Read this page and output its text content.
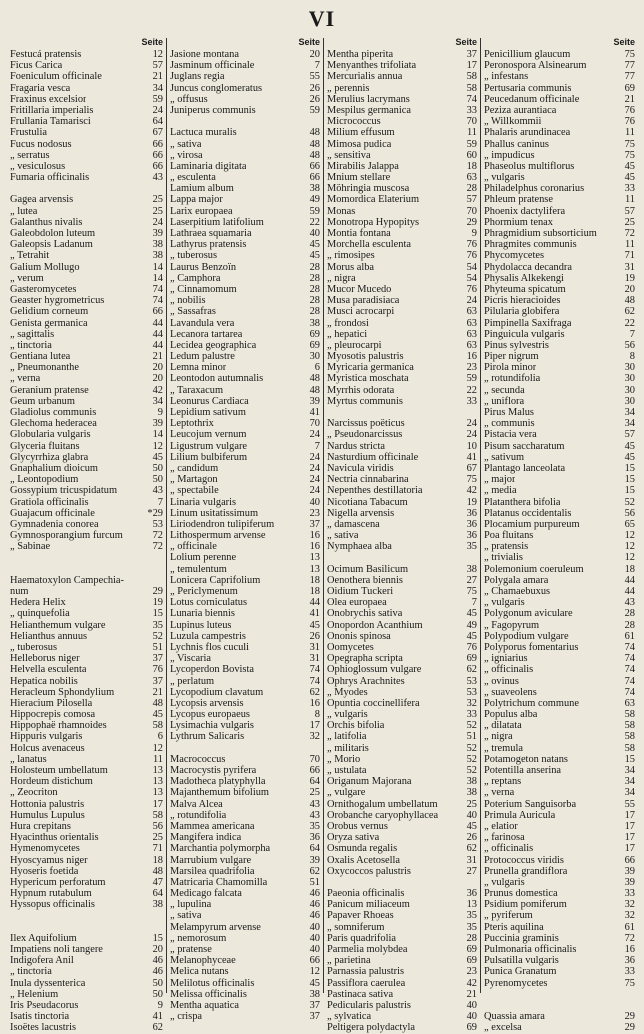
VI
Seite
Festucá pratensis	12
Ficus Carica	57
Foeniculum officinale	21
Fragaria vesca	34
Fraxinus excelsior	59
Fritillaria imperialis	24
Frullania Tamarisci	64
Frustulia	67
Fucus nodosus	66
„ serratus	66
„ vesiculosus	66
Fumaria officinalis	43
Gagea arvensis	25
„ lutea	25
Galanthus nivalis	24
Galeobdolon luteum	39
Galeopsis Ladanum	38
„ Tetrahit	38
Galium Mollugo	14
„ verum	14
Gasteromycetes	74
Geaster hygrometricus	74
Gelidium corneum	66
Genista germanica	44
„ sagittalis	44
„ tinctoria	44
Gentiana lutea	21
„ Pneumonanthe	20
„ verna	20
Geranium pratense	42
Geum urbanum	34
Gladiolus communis	9
Glechoma hederacea	39
Globularia vulgaris	14
Glyceria fluitans	12
Glycyrrhiza glabra	45
Gnaphalium dioicum	50
„ Leontopodium	50
Gossypium tricuspidatum	43
Gratiola officinalis	7
Guajacum officinale	*29
Gymnadenia conorea	53
Gymnosporangium furcum	72
„ Sabinae	72
Haematoxylon Campechia-
num	29
Hedera Helix	19
„ quinquefolia	15
Helianthemum vulgare	35
Helianthus annuus	52
„ tuberosus	51
Helleborus niger	37
Helvella esculenta	76
Hepatica nobilis	37
Heracleum Sphondylium	21
Hieracium Pilosella	48
Hippocrepis comosa	45
Hippophaë rhamnoides	58
Hippuris vulgaris	6
Holcus avenaceus	12
„ lanatus	11
Holosteum umbellatum	13
Hordeum distichum	13
„ Zeocriton	13
Hottonia palustris	17
Humulus Lupulus	58
Hura crepitans	56
Hyacinthus orientalis	25
Hymenomycetes	71
Hyoscyamus niger	18
Hyoseris foetida	48
Hypericum perforatum	47
Hypnum rutabulum	64
Hyssopus officinalis	38
Ilex Aquifolium	15
Impatiens noli tangere	20
Indigofera Anil	46
„ tinctoria	46
Inula dyssenterica	50
„ Helenium	50
Iris Pseudacorus	9
Isatis tinctoria	41
Isoëtes lacustris	62
Seite
Jasione montana	20
Jasminum officinale	7
Juglans regia	55
Juncus conglomeratus	26
„ offusus	26
Juniperus communis	59
Lactuca muralis	48
„ sativa	48
„ virosa	48
Laminaria digitata	66
„ esculenta	66
Lamium album	38
Lappa major	49
Larix europaea	59
Laserpitium latifolium	22
Lathraea squamaria	40
Lathyrus pratensis	45
„ tuberosus	45
Laurus Benzoïn	28
„ Camphora	28
„ Cinnamomum	28
„ nobilis	28
„ Sassafras	28
Lavandula vera	38
Lecanora tartarea	69
Lecidea geographica	69
Ledum palustre	30
Lemna minor	6
Leontodon autumnalis	48
„ Taraxacum	48
Leonurus Cardiaca	39
Lepidium sativum	41
Leptothrix	70
Leucojum vernum	24
Ligustrum vulgare	7
Lilium bulbiferum	24
„ candidum	24
„ Martagon	24
„ spectabile	24
Linaria vulgaris	40
Linum usitatissimum	23
Liriodendron tulipiferum	37
Lithospermum arvense	16
„ officinale	16
Lolium perenne	13
„ temulentum	13
Lonicera Caprifolium	18
„ Periclymenum	18
Lotus corniculatus	44
Lunaria biennis	41
Lupinus luteus	45
Luzula campestris	26
Lychnis flos cuculi	31
„ Viscaria	31
Lycoperdon Bovista	74
„ perlatum	74
Lycopodium clavatum	62
Lycopsis arvensis	16
Lycopus europaeus	8
Lysimachia vulgaris	17
Lythrum Salicaris	32
Macrococcus	70
Macrocystis pyrifera	66
Madotheca platyphylla	64
Majanthemum bifolium	25
Malva Alcea	43
„ rotundifolia	43
Mammea americana	35
Mangifera indica	36
Marchantia polymorpha	64
Marrubium vulgare	39
Marsilea quadrifolia	62
Matricaria Chamomilla	51
Medicago falcata	46
„ lupulina	46
„ sativa	46
Melampyrum arvense	40
„ nemorosum	40
„ pratense	40
Melanophyceae	66
Melica nutans	12
Melilotus officinalis	45
Melissa officinalis	38
Mentha aquatica	37
„ crispa	37
Seite
Mentha piperita	37
Menyanthes trifoliata	17
Mercurialis annua	58
„ perennis	58
Merulius lacrymans	74
Mespilus germanica	33
Micrococcus	70
Milium effusum	11
Mimosa pudica	59
„ sensitiva	60
Mirabilis Jalappa	18
Mnium stellare	63
Möhringia muscosa	28
Momordica Elaterium	57
Monas	70
Monotropa Hypopitys	29
Montia fontana	9
Morchella esculenta	76
„ rimosipes	76
Morus alba	54
„ nigra	54
Mucor Mucedo	76
Musa paradisiaca	24
Musci acrocarpi	63
„ frondosi	63
„ hepatici	63
„ pleurocarpi	63
Myosotis palustris	16
Myricaria germanica	23
Myristica moschata	59
Myrrhis odorata	22
Myrtus communis	33
Narcissus poëticus	24
„ Pseudonarcissus	24
Nardus stricta	10
Nasturdium officinale	41
Navicula viridis	67
Nectria cinnabarina	75
Nepenthes destillatoria	42
Nicotiana Tabacum	19
Nigella arvensis	36
„ damascena	36
„ sativa	36
Nymphaea alba	35
Ocimum Basilicum	38
Oenothera biennis	27
Oidium Tuckeri	75
Olea europaea	7
Onobrychis sativa	45
Onopordon Acanthium	49
Ononis spinosa	45
Oomycetes	76
Opegrapha scripta	69
Ophioglossum vulgare	62
Ophrys Arachnites	53
„ Myodes	53
Opuntia coccinellifera	32
„ vulgaris	33
Orchis bifolia	52
„ latifolia	51
„ militaris	52
„ Morio	52
„ ustulata	52
Origanum Majorana	38
„ vulgare	38
Ornithogalum umbellatum	25
Orobanche caryophyllacea	40
Orobus vernus	45
Oryza sativa	26
Osmunda regalis	62
Oxalis Acetosella	31
Oxycoccos palustris	27
Paeonia officinalis	36
Panicum miliaceum	13
Papaver Rhoeas	35
„ somniferum	35
Paris quadrifolia	28
Parmelia molybdea	69
„ parietina	69
Parnassia palustris	23
Passiflora caerulea	42
Pastinaca sativa	21
Pedicularis palustris	40
„ sylvatica	40
Peltigera polydactyla	69
Seite
Penicillium glaucum	75
Peronospora Alsinearum	77
„ infestans	77
Pertusaria communis	69
Peucedanum officinale	21
Peziza aurantiaca	76
„ Willkommii	76
Phalaris arundinacea	11
Phallus caninus	75
„ impudicus	75
Phaseolus multiflorus	45
„ vulgaris	45
Philadelphus coronarius	33
Phleum pratense	11
Phoenix dactylifera	57
Phormium tenax	25
Phragmidium subsorticium	72
Phragmites communis	11
Phycomycetes	71
Phydolacca decandra	31
Physalis Alkekengi	19
Phyteuma spicatum	20
Picris hieracioides	48
Pilularia globifera	62
Pimpinella Saxifraga	22
Pinguicula vulgaris	7
Pinus sylvestris	56
Piper nigrum	8
Pirola minor	30
„ rotundifolia	30
„ secunda	30
„ uniflora	30
Pirus Malus	34
„ communis	34
Pistacia vera	57
Pisum saccharatum	45
„ sativum	45
Plantago lanceolata	15
„ major	15
„ media	15
Platanthera bifolia	52
Platanus occidentalis	56
Plocamium purpureum	65
Poa fluitans	12
„ pratensis	12
„ trivialis	12
Polemonium coeruleum	18
Polygala amara	44
„ Chamaebuxus	44
„ vulgaris	43
Polygonum aviculare	28
„ Fagopyrum	28
Polypodium vulgare	61
Polyporus fomentarius	74
„ igniarius	74
„ officinalis	74
„ ovinus	74
„ suaveolens	74
Polytrichum commune	63
Populus alba	58
„ dilatata	58
„ nigra	58
„ tremula	58
Potamogeton natans	15
Potentilla anserina	34
„ reptans	34
„ verna	34
Poterium Sanguisorba	55
Primula Auricula	17
„ elatior	17
„ farinosa	17
„ officinalis	17
Protococcus viridis	66
Prunella grandiflora	39
„ vulgaris	39
Prunus domestica	33
Psidium pomiferum	32
„ pyriferum	32
Pteris aquilina	61
Puccinia graminis	72
Pulmonaria officinalis	16
Pulsatilla vulgaris	36
Punica Granatum	33
Pyrenomycetes	75
Quassia amara	29
„ excelsa	29
